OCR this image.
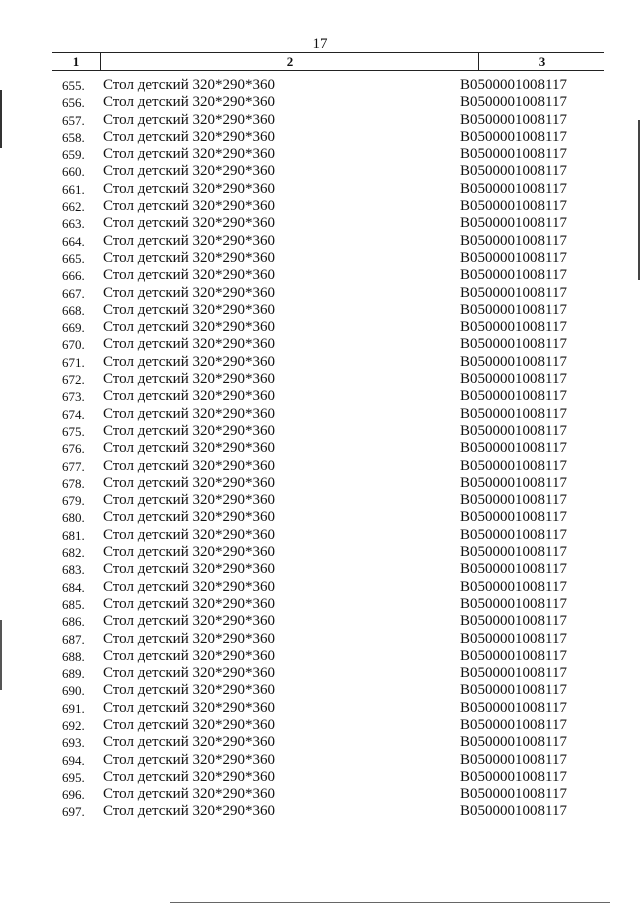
17
1	2	3
655.	Стол детский 320*290*360	B0500001008117
656.	Стол детский 320*290*360	B0500001008117
657.	Стол детский 320*290*360	B0500001008117
658.	Стол детский 320*290*360	B0500001008117
659.	Стол детский 320*290*360	B0500001008117
660.	Стол детский 320*290*360	B0500001008117
661.	Стол детский 320*290*360	B0500001008117
662.	Стол детский 320*290*360	B0500001008117
663.	Стол детский 320*290*360	B0500001008117
664.	Стол детский 320*290*360	B0500001008117
665.	Стол детский 320*290*360	B0500001008117
666.	Стол детский 320*290*360	B0500001008117
667.	Стол детский 320*290*360	B0500001008117
668.	Стол детский 320*290*360	B0500001008117
669.	Стол детский 320*290*360	B0500001008117
670.	Стол детский 320*290*360	B0500001008117
671.	Стол детский 320*290*360	B0500001008117
672.	Стол детский 320*290*360	B0500001008117
673.	Стол детский 320*290*360	B0500001008117
674.	Стол детский 320*290*360	B0500001008117
675.	Стол детский 320*290*360	B0500001008117
676.	Стол детский 320*290*360	B0500001008117
677.	Стол детский 320*290*360	B0500001008117
678.	Стол детский 320*290*360	B0500001008117
679.	Стол детский 320*290*360	B0500001008117
680.	Стол детский 320*290*360	B0500001008117
681.	Стол детский 320*290*360	B0500001008117
682.	Стол детский 320*290*360	B0500001008117
683.	Стол детский 320*290*360	B0500001008117
684.	Стол детский 320*290*360	B0500001008117
685.	Стол детский 320*290*360	B0500001008117
686.	Стол детский 320*290*360	B0500001008117
687.	Стол детский 320*290*360	B0500001008117
688.	Стол детский 320*290*360	B0500001008117
689.	Стол детский 320*290*360	B0500001008117
690.	Стол детский 320*290*360	B0500001008117
691.	Стол детский 320*290*360	B0500001008117
692.	Стол детский 320*290*360	B0500001008117
693.	Стол детский 320*290*360	B0500001008117
694.	Стол детский 320*290*360	B0500001008117
695.	Стол детский 320*290*360	B0500001008117
696.	Стол детский 320*290*360	B0500001008117
697.	Стол детский 320*290*360	B0500001008117
